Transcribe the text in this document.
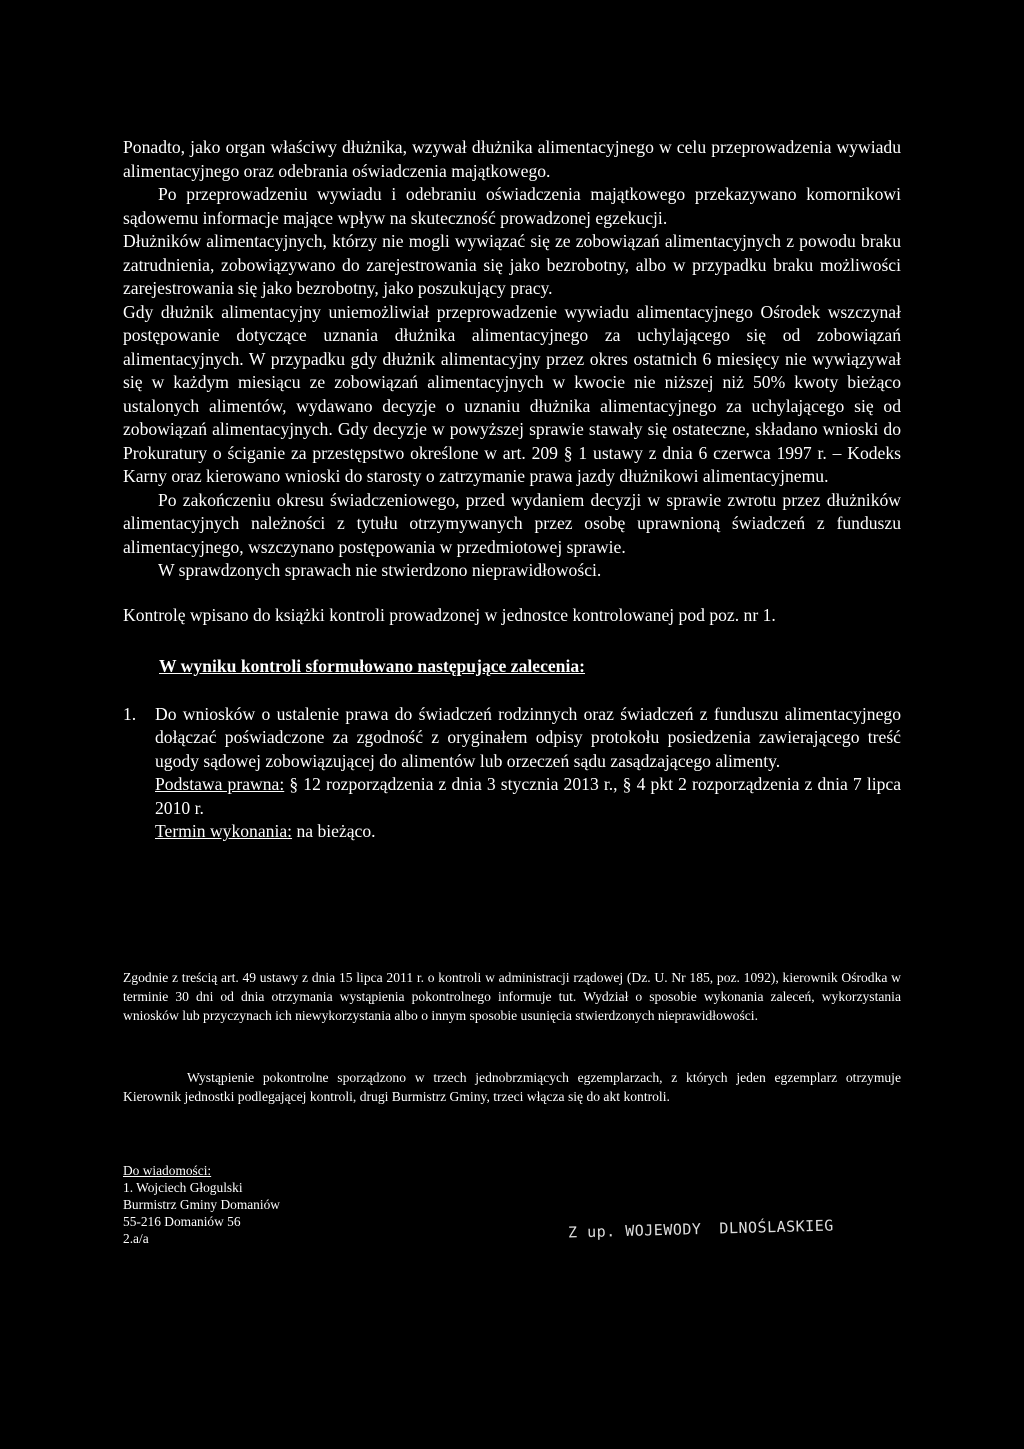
Ponadto, jako organ właściwy dłużnika, wzywał dłużnika alimentacyjnego w celu przeprowadzenia wywiadu alimentacyjnego oraz odebrania oświadczenia majątkowego.

Po przeprowadzeniu wywiadu i odebraniu oświadczenia majątkowego przekazywano komornikowi sądowemu informacje mające wpływ na skuteczność prowadzonej egzekucji.

Dłużników alimentacyjnych, którzy nie mogli wywiązać się ze zobowiązań alimentacyjnych z powodu braku zatrudnienia, zobowiązywano do zarejestrowania się jako bezrobotny, albo w przypadku braku możliwości zarejestrowania się jako bezrobotny, jako poszukujący pracy.

Gdy dłużnik alimentacyjny uniemożliwiał przeprowadzenie wywiadu alimentacyjnego Ośrodek wszczynał postępowanie dotyczące uznania dłużnika alimentacyjnego za uchylającego się od zobowiązań alimentacyjnych. W przypadku gdy dłużnik alimentacyjny przez okres ostatnich 6 miesięcy nie wywiązywał się w każdym miesiącu ze zobowiązań alimentacyjnych w kwocie nie niższej niż 50% kwoty bieżąco ustalonych alimentów, wydawano decyzje o uznaniu dłużnika alimentacyjnego za uchylającego się od zobowiązań alimentacyjnych. Gdy decyzje w powyższej sprawie stawały się ostateczne, składano wnioski do Prokuratury o ściganie za przestępstwo określone w art. 209 § 1 ustawy z dnia 6 czerwca 1997 r. – Kodeks Karny oraz kierowano wnioski do starosty o zatrzymanie prawa jazdy dłużnikowi alimentacyjnemu.

Po zakończeniu okresu świadczeniowego, przed wydaniem decyzji w sprawie zwrotu przez dłużników alimentacyjnych należności z tytułu otrzymywanych przez osobę uprawnioną świadczeń z funduszu alimentacyjnego, wszczynano postępowania w przedmiotowej sprawie.

W sprawdzonych sprawach nie stwierdzono nieprawidłowości.

Kontrolę wpisano do książki kontroli prowadzonej w jednostce kontrolowanej pod poz. nr 1.

W wyniku kontroli sformułowano następujące zalecenia:

1. Do wniosków o ustalenie prawa do świadczeń rodzinnych oraz świadczeń z funduszu alimentacyjnego dołączać poświadczone za zgodność z oryginałem odpisy protokołu posiedzenia zawierającego treść ugody sądowej zobowiązującej do alimentów lub orzeczeń sądu zasądzającego alimenty.
Podstawa prawna: § 12 rozporządzenia z dnia 3 stycznia 2013 r., § 4 pkt 2 rozporządzenia z dnia 7 lipca 2010 r.
Termin wykonania: na bieżąco.

Zgodnie z treścią art. 49 ustawy z dnia 15 lipca 2011 r. o kontroli w administracji rządowej (Dz. U. Nr 185, poz. 1092), kierownik Ośrodka w terminie 30 dni od dnia otrzymania wystąpienia pokontrolnego informuje tut. Wydział o sposobie wykonania zaleceń, wykorzystania wniosków lub przyczynach ich niewykorzystania albo o innym sposobie usunięcia stwierdzonych nieprawidłowości.

Wystąpienie pokontrolne sporządzono w trzech jednobrzmiących egzemplarzach, z których jeden egzemplarz otrzymuje Kierownik jednostki podlegającej kontroli, drugi Burmistrz Gminy, trzeci włącza się do akt kontroli.

Do wiadomości:
1. Wojciech Głogulski
Burmistrz Gminy Domaniów
55-216 Domaniów 56
2.a/a	Z up. WOJEWODY DLNOŚLASKIEG
